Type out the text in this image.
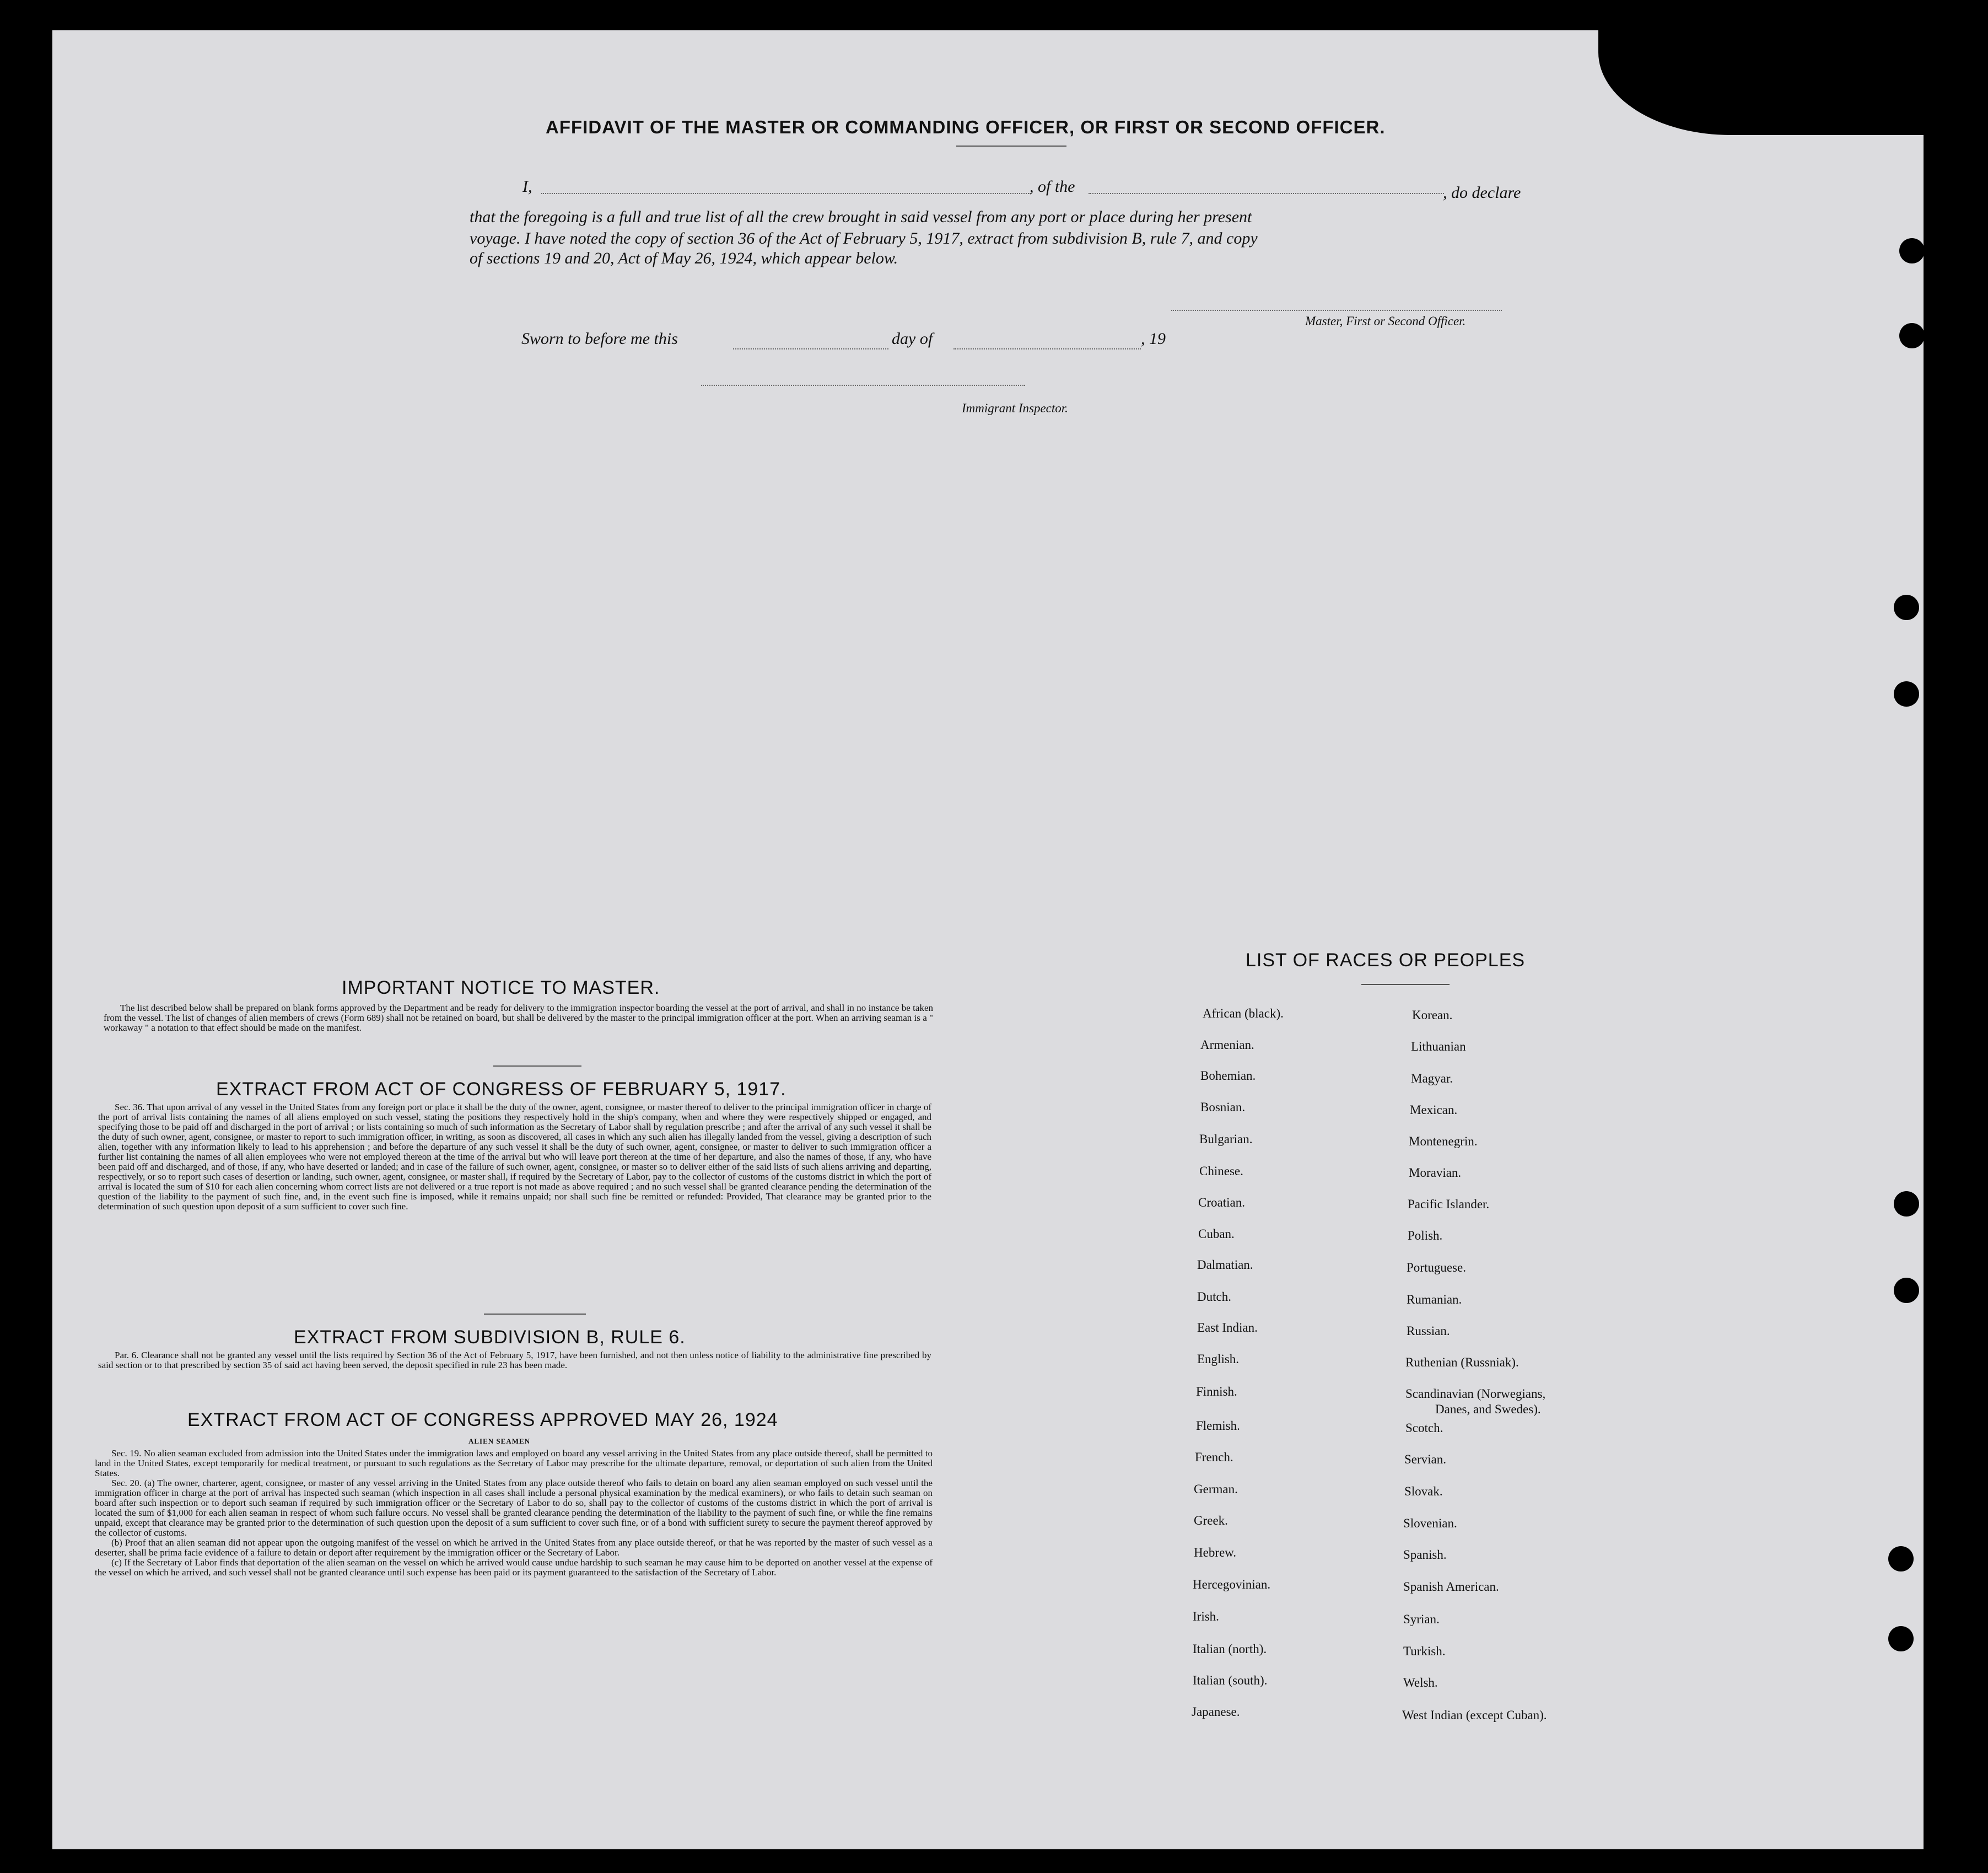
AFFIDAVIT OF THE MASTER OR COMMANDING OFFICER, OR FIRST OR SECOND OFFICER.
I,	, of the	, do declare
that the foregoing is a full and true list of all the crew brought in said vessel from any port or place during her present
voyage. I have noted the copy of section 36 of the Act of February 5, 1917, extract from subdivision B, rule 7, and copy
of sections 19 and 20, Act of May 26, 1924, which appear below.
Master, First or Second Officer.
Sworn to before me this	day of	, 19
Immigrant Inspector.
IMPORTANT NOTICE TO MASTER.

The list described below shall be prepared on blank forms approved by the Department and be ready for delivery to the immigration inspector boarding the vessel at the port of arrival, and shall in no instance be taken from the vessel. The list of changes of alien members of crews (Form 689) shall not be retained on board, but shall be delivered by the master to the principal immigration officer at the port. When an arriving seaman is a " workaway " a notation to that effect should be made on the manifest.

EXTRACT FROM ACT OF CONGRESS OF FEBRUARY 5, 1917.

Sec. 36. That upon arrival of any vessel in the United States from any foreign port or place it shall be the duty of the owner, agent, consignee, or master thereof to deliver to the principal immigration officer in charge of the port of arrival lists containing the names of all aliens employed on such vessel, stating the positions they respectively hold in the ship's company, when and where they were respectively shipped or engaged, and specifying those to be paid off and discharged in the port of arrival ; or lists containing so much of such information as the Secretary of Labor shall by regulation prescribe ; and after the arrival of any such vessel it shall be the duty of such owner, agent, consignee, or master to report to such immigration officer, in writing, as soon as discovered, all cases in which any such alien has illegally landed from the vessel, giving a description of such alien, together with any information likely to lead to his apprehension ; and before the departure of any such vessel it shall be the duty of such owner, agent, consignee, or master to deliver to such immigration officer a further list containing the names of all alien employees who were not employed thereon at the time of the arrival but who will leave port thereon at the time of her departure, and also the names of those, if any, who have been paid off and discharged, and of those, if any, who have deserted or landed; and in case of the failure of such owner, agent, consignee, or master so to deliver either of the said lists of such aliens arriving and departing, respectively, or so to report such cases of desertion or landing, such owner, agent, consignee, or master shall, if required by the Secretary of Labor, pay to the collector of customs of the customs district in which the port of arrival is located the sum of $10 for each alien concerning whom correct lists are not delivered or a true report is not made as above required ; and no such vessel shall be granted clearance pending the determination of the question of the liability to the payment of such fine, and, in the event such fine is imposed, while it remains unpaid; nor shall such fine be remitted or refunded: Provided, That clearance may be granted prior to the determination of such question upon deposit of a sum sufficient to cover such fine.

EXTRACT FROM SUBDIVISION B, RULE 6.

Par. 6. Clearance shall not be granted any vessel until the lists required by Section 36 of the Act of February 5, 1917, have been furnished, and not then unless notice of liability to the administrative fine prescribed by said section or to that prescribed by section 35 of said act having been served, the deposit specified in rule 23 has been made.

EXTRACT FROM ACT OF CONGRESS APPROVED MAY 26, 1924
ALIEN SEAMEN

Sec. 19. No alien seaman excluded from admission into the United States under the immigration laws and employed on board any vessel arriving in the United States from any place outside thereof, shall be permitted to land in the United States, except temporarily for medical treatment, or pursuant to such regulations as the Secretary of Labor may prescribe for the ultimate departure, removal, or deportation of such alien from the United States.

Sec. 20. (a) The owner, charterer, agent, consignee, or master of any vessel arriving in the United States from any place outside thereof who fails to detain on board any alien seaman employed on such vessel until the immigration officer in charge at the port of arrival has inspected such seaman (which inspection in all cases shall include a personal physical examination by the medical examiners), or who fails to detain such seaman on board after such inspection or to deport such seaman if required by such immigration officer or the Secretary of Labor to do so, shall pay to the collector of customs of the customs district in which the port of arrival is located the sum of $1,000 for each alien seaman in respect of whom such failure occurs. No vessel shall be granted clearance pending the determination of the liability to the payment of such fine, or while the fine remains unpaid, except that clearance may be granted prior to the determination of such question upon the deposit of a sum sufficient to cover such fine, or of a bond with sufficient surety to secure the payment thereof approved by the collector of customs.

(b) Proof that an alien seaman did not appear upon the outgoing manifest of the vessel on which he arrived in the United States from any place outside thereof, or that he was reported by the master of such vessel as a deserter, shall be prima facie evidence of a failure to detain or deport after requirement by the immigration officer or the Secretary of Labor.

(c) If the Secretary of Labor finds that deportation of the alien seaman on the vessel on which he arrived would cause undue hardship to such seaman he may cause him to be deported on another vessel at the expense of the vessel on which he arrived, and such vessel shall not be granted clearance until such expense has been paid or its payment guaranteed to the satisfaction of the Secretary of Labor.

LIST OF RACES OR PEOPLES
African (black).
Armenian.
Bohemian.
Bosnian.
Bulgarian.
Chinese.
Croatian.
Cuban.
Dalmatian.
Dutch.
East Indian.
English.
Finnish.
Flemish.
French.
German.
Greek.
Hebrew.
Hercegovinian.
Irish.
Italian (north).
Italian (south).
Japanese.
Korean.
Lithuanian
Magyar.
Mexican.
Montenegrin.
Moravian.
Pacific Islander.
Polish.
Portuguese.
Rumanian.
Russian.
Ruthenian (Russniak).
Scandinavian (Norwegians,
Danes, and Swedes).
Scotch.
Servian.
Slovak.
Slovenian.
Spanish.
Spanish American.
Syrian.
Turkish.
Welsh.
West Indian (except Cuban).
